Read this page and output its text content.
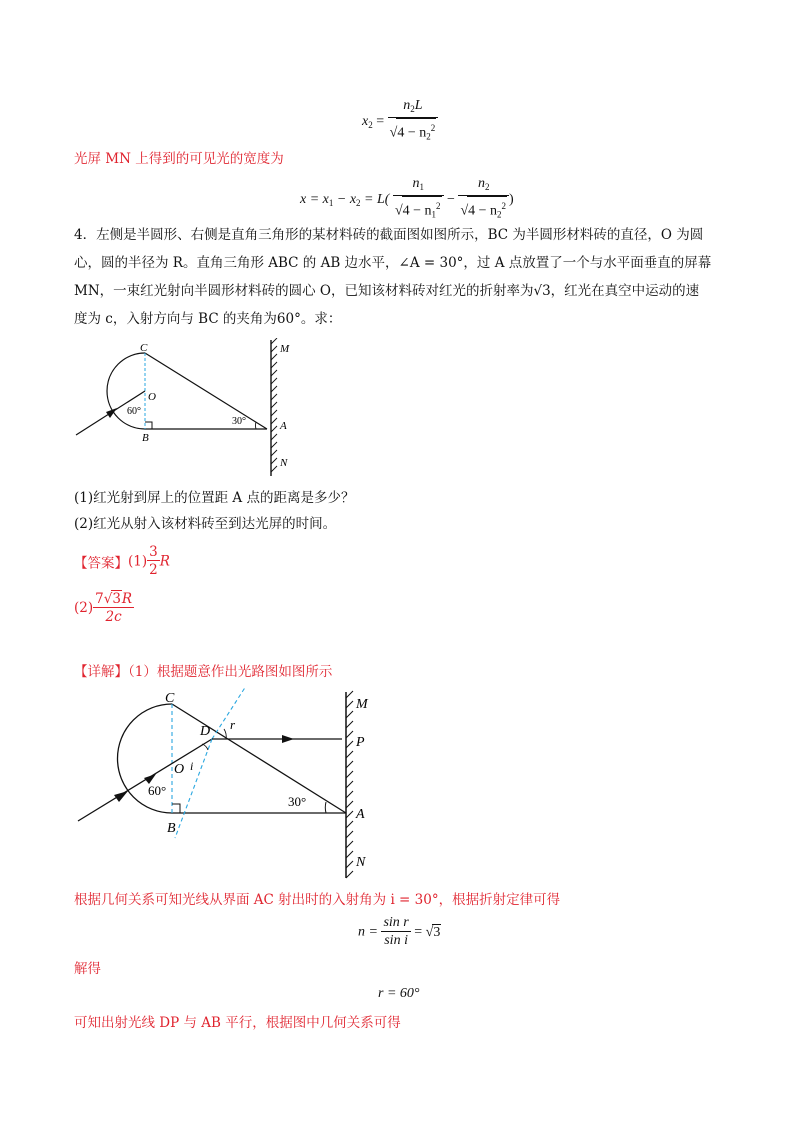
$x_2 = \frac{n_2L}{√4 - n_2^2}$
光屏 MN 上得到的可见光的宽度为
$x = x_1 - x_2 = L( \frac{n_1}{√4 - n_1^2} - \frac{n_2}{√4 - n_2^2}$ )
4．左侧是半圆形、右侧是直角三角形的某材料砖的截面图如图所示，BC 为半圆形材料砖的直径，O 为圆
心，圆的半径为 R。直角三角形 ABC 的 AB 边水平，∠A = 30°，过 A 点放置了一个与水平面垂直的屏幕
MN，一束红光射向半圆形材料砖的圆心 O，已知该材料砖对红光的折射率为√3，红光在真空中运动的速
度为 c，入射方向与 BC 的夹角为60°。求：
C
O
B
A
M
N
60°
30°
(1)红光射到屏上的位置距 A 点的距离是多少？
(2)红光从射入该材料砖至到达光屏的时间。
【答案】$(1) \frac{3}{2}$ R
$(2) \frac{7√3R}{2c}$
【详解】（1）根据题意作出光路图如图所示
C
D r
O i
B
A
M
P
N
60°
30°
根据几何关系可知光线从界面 AC 射出时的入射角为 i = 30°，根据折射定律可得
$n = \frac{\text{sin r}}{\text{sin i}} = √3$
解得
r = 60°
可知出射光线 DP 与 AB 平行，根据图中几何关系可得
